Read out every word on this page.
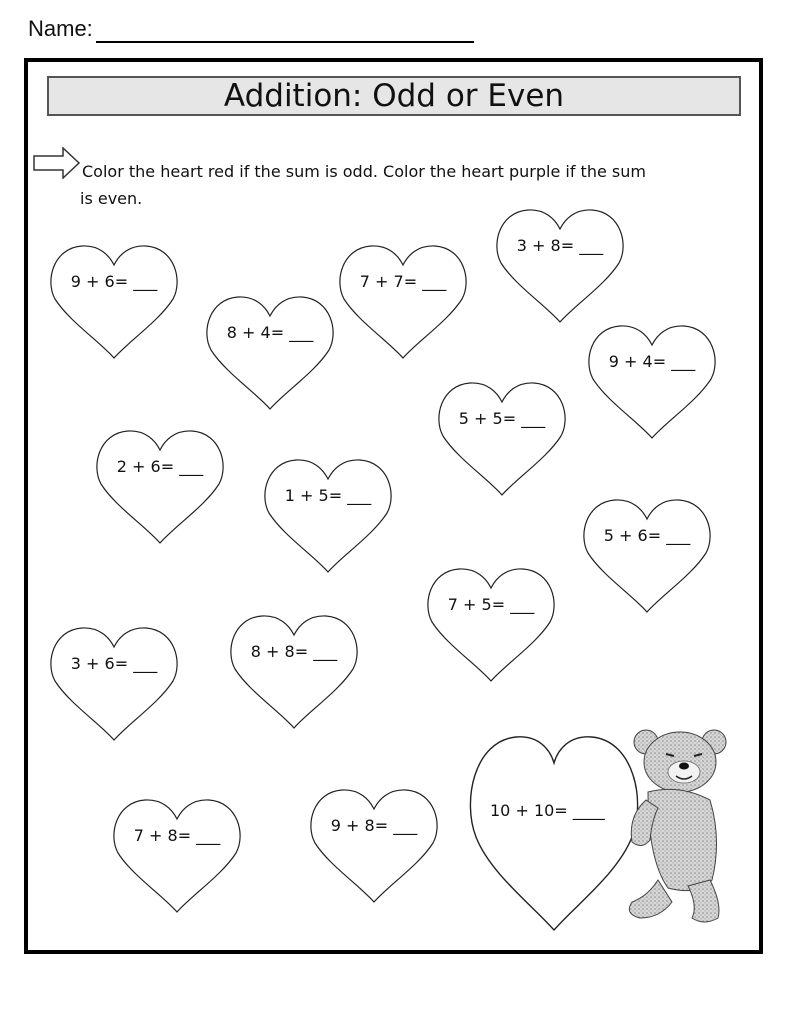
Name:
Addition: Odd or Even
Color the heart red if the sum is odd. Color the heart purple if the sum
is even.
9 + 6= ___
8 + 4= ___
7 + 7= ___
3 + 8= ___
9 + 4= ___
5 + 5= ___
2 + 6= ___
1 + 5= ___
5 + 6= ___
7 + 5= ___
3 + 6= ___
8 + 8= ___
7 + 8= ___
9 + 8= ___
10 + 10= ____
